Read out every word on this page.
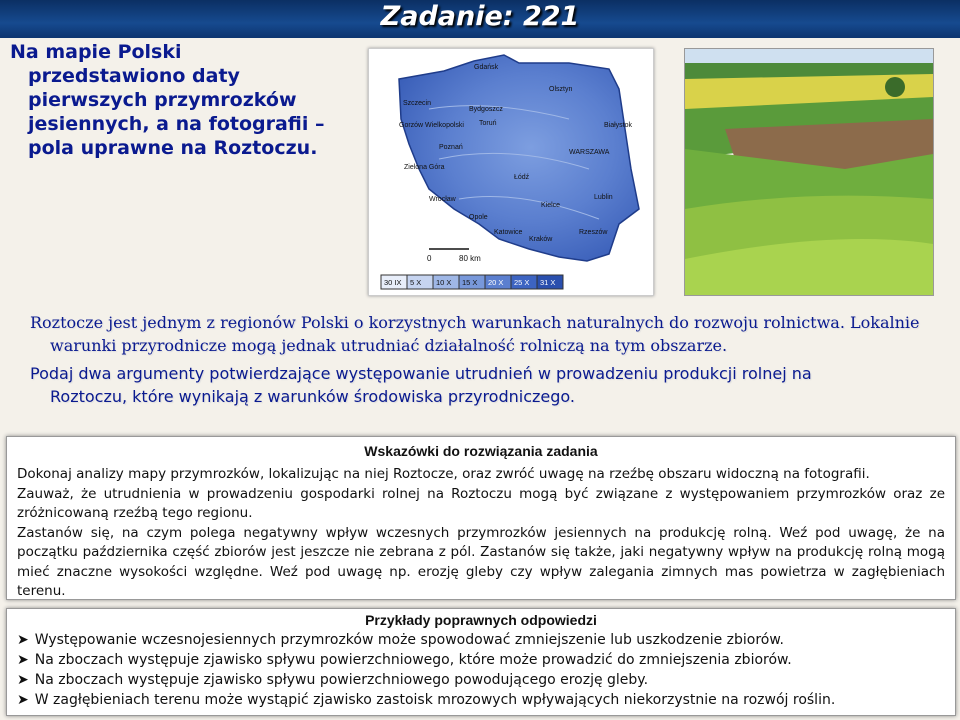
Zadanie: 221
Na mapie Polski przedstawiono daty pierwszych przymrozków jesiennych, a na fotografii – pola uprawne na Roztoczu.
Gdańsk
Olsztyn
Szczecin
Bydgoszcz
Gorzów Wielkopolski Toruń	Białystok
WARSZAWA
Poznań
Łódź
Zielona Góra
Wrocław
Kielce
Lublin
Opole
Katowice
Kraków
Rzeszów
0	80 km
30 IX 5 X 10 X 15 X 20 X 25 X 31 X
Roztocze jest jednym z regionów Polski o korzystnych warunkach naturalnych do rozwoju rolnictwa. Lokalnie
warunki przyrodnicze mogą jednak utrudniać działalność rolniczą na tym obszarze.
Podaj dwa argumenty potwierdzające występowanie utrudnień w prowadzeniu produkcji rolnej na
Roztoczu, które wynikają z warunków środowiska przyrodniczego.
Wskazówki do rozwiązania zadania

Dokonaj analizy mapy przymrozków, lokalizując na niej Roztocze, oraz zwróć uwagę na rzeźbę obszaru widoczną na fotografii.

Zauważ, że utrudnienia w prowadzeniu gospodarki rolnej na Roztoczu mogą być związane z występowaniem przymrozków oraz ze zróżnicowaną rzeźbą tego regionu.

Zastanów się, na czym polega negatywny wpływ wczesnych przymrozków jesiennych na produkcję rolną. Weź pod uwagę, że na początku października część zbiorów jest jeszcze nie zebrana z pól. Zastanów się także, jaki negatywny wpływ na produkcję rolną mogą mieć znaczne wysokości względne. Weź pod uwagę np. erozję gleby czy wpływ zalegania zimnych mas powietrza w zagłębieniach terenu.

Przykłady poprawnych odpowiedzi
➤ Występowanie wczesnojesiennych przymrozków może spowodować zmniejszenie lub uszkodzenie zbiorów.
➤ Na zboczach występuje zjawisko spływu powierzchniowego, które może prowadzić do zmniejszenia zbiorów.
➤ Na zboczach występuje zjawisko spływu powierzchniowego powodującego erozję gleby.
➤ W zagłębieniach terenu może wystąpić zjawisko zastoisk mrozowych wpływających niekorzystnie na rozwój roślin.
